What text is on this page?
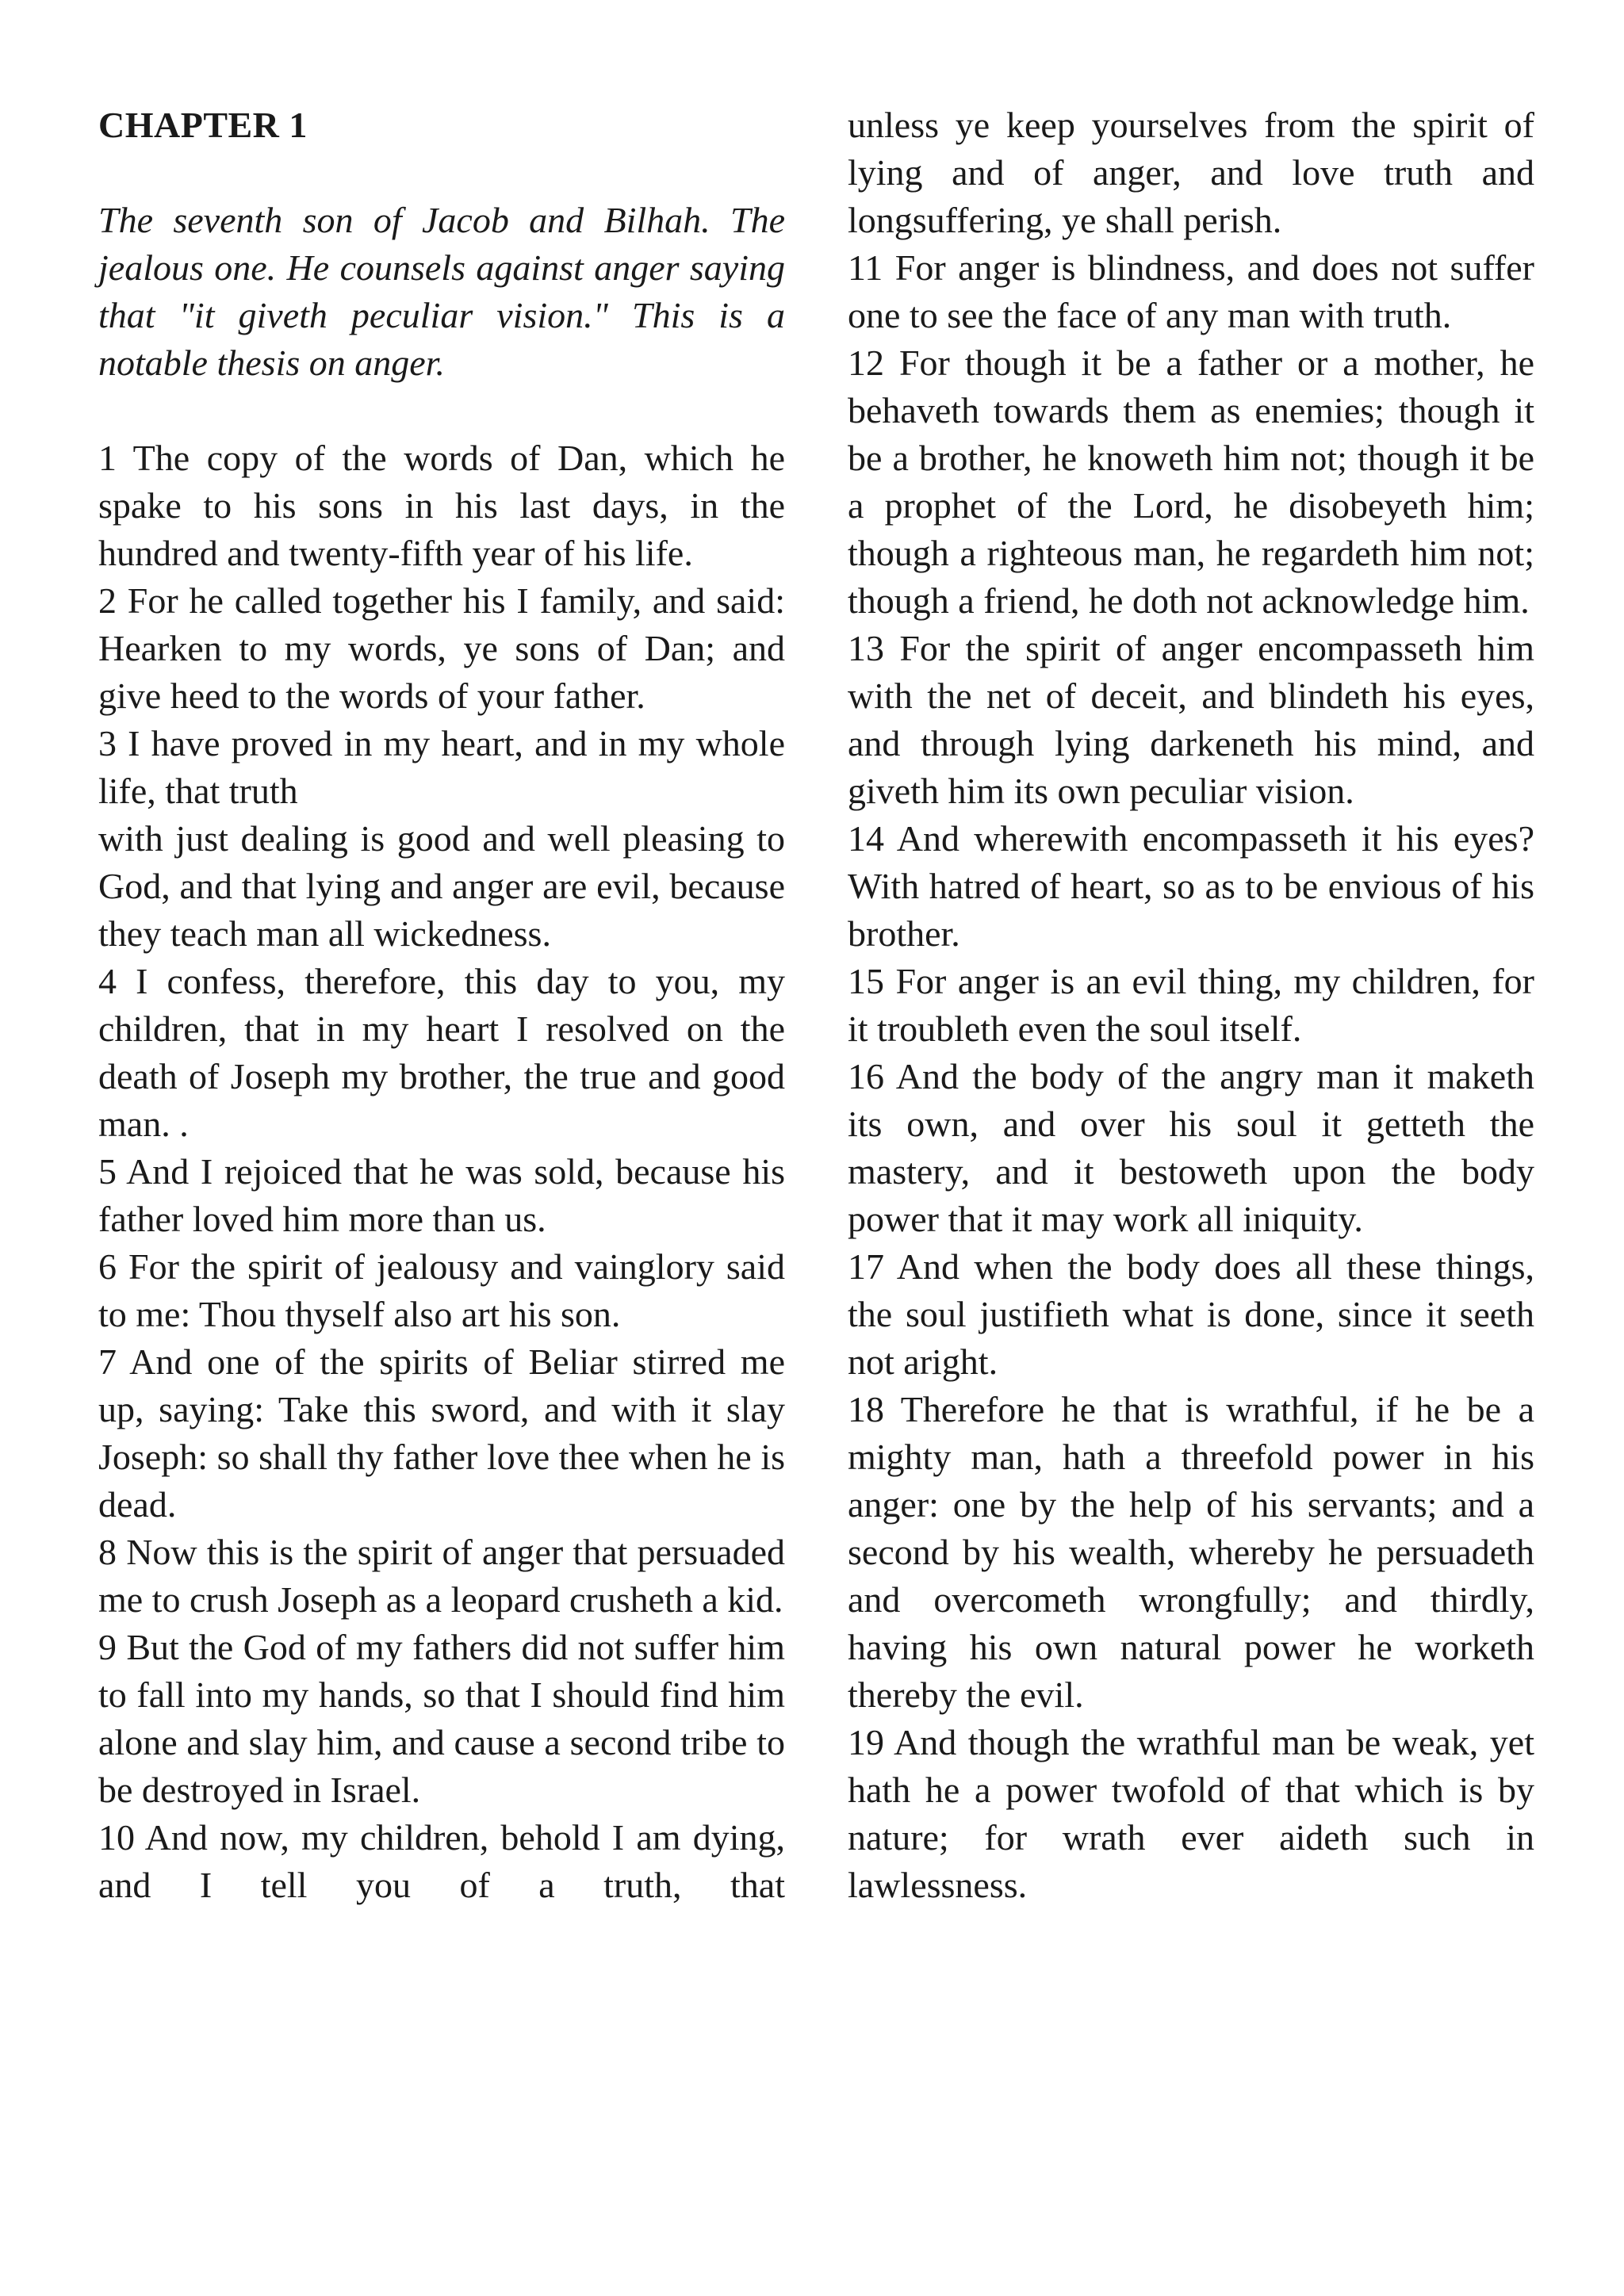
CHAPTER 1

The seventh son of Jacob and Bilhah. The jealous one. He counsels against anger saying that "it giveth peculiar vision." This is a notable thesis on anger.

1 The copy of the words of Dan, which he spake to his sons in his last days, in the hundred and twenty-fifth year of his life.

2 For he called together his I family, and said: Hearken to my words, ye sons of Dan; and give heed to the words of your father.

3 I have proved in my heart, and in my whole life, that truth

with just dealing is good and well pleasing to God, and that lying and anger are evil, because they teach man all wickedness.

4 I confess, therefore, this day to you, my children, that in my heart I resolved on the death of Joseph my brother, the true and good man. .

5 And I rejoiced that he was sold, because his father loved him more than us.

6 For the spirit of jealousy and vainglory said to me: Thou thyself also art his son.

7 And one of the spirits of Beliar stirred me up, saying: Take this sword, and with it slay Joseph: so shall thy father love thee when he is dead.

8 Now this is the spirit of anger that persuaded me to crush Joseph as a leopard crusheth a kid.

9 But the God of my fathers did not suffer him to fall into my hands, so that I should find him alone and slay him, and cause a second tribe to be destroyed in Israel.

10 And now, my children, behold I am dying, and I tell you of a truth, that

unless ye keep yourselves from the spirit of lying and of anger, and love truth and longsuffering, ye shall perish.

11 For anger is blindness, and does not suffer one to see the face of any man with truth.

12 For though it be a father or a mother, he behaveth towards them as enemies; though it be a brother, he knoweth him not; though it be a prophet of the Lord, he disobeyeth him; though a righteous man, he regardeth him not; though a friend, he doth not acknowledge him.

13 For the spirit of anger encompasseth him with the net of deceit, and blindeth his eyes, and through lying darkeneth his mind, and giveth him its own peculiar vision.

14 And wherewith encompasseth it his eyes? With hatred of heart, so as to be envious of his brother.

15 For anger is an evil thing, my children, for it troubleth even the soul itself.

16 And the body of the angry man it maketh its own, and over his soul it getteth the mastery, and it bestoweth upon the body power that it may work all iniquity.

17 And when the body does all these things, the soul justifieth what is done, since it seeth not aright.

18 Therefore he that is wrathful, if he be a mighty man, hath a threefold power in his anger: one by the help of his servants; and a second by his wealth, whereby he persuadeth and overcometh wrongfully; and thirdly, having his own natural power he worketh thereby the evil.

19 And though the wrathful man be weak, yet hath he a power twofold of that which is by nature; for wrath ever aideth such in lawlessness.
